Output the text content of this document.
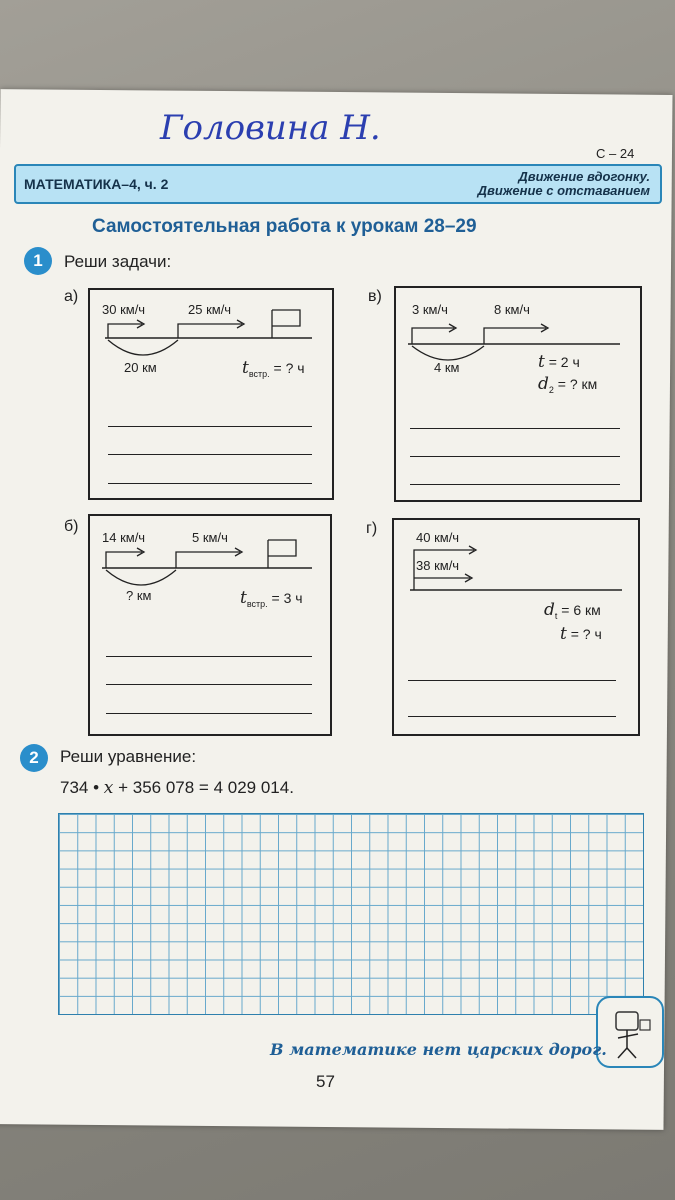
Головина Н.
С – 24
МАТЕМАТИКА–4, ч. 2	Движение вдогонку.
Движение с отставанием
Самостоятельная работа к урокам 28–29
1	Реши задачи:
а)
30 км/ч	25 км/ч
20 км	$t_{встр.}$ = ? ч
в)
3 км/ч	8 км/ч
4 км	t = 2 ч
$d_2$ = ? км
б)
14 км/ч	5 км/ч
? км	$t_{встр.} = 3$ ч
г)
40 км/ч
38 км/ч
$d_t = 6$ км
t = ? ч
2	Реши уравнение:
734 • x + 356 078 = 4 029 014.
В математике нет царских дорог.
57
